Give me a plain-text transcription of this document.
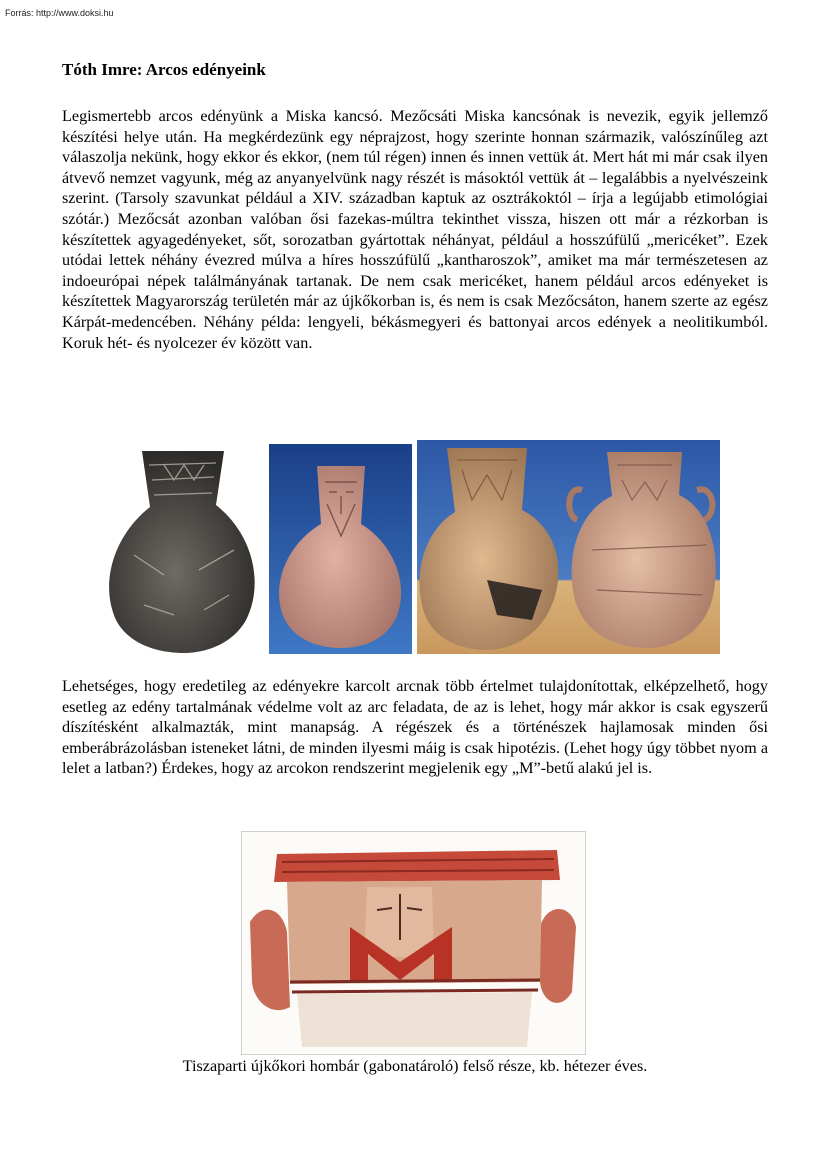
Forrás: http://www.doksi.hu
Tóth Imre: Arcos edényeink

Legismertebb arcos edényünk a Miska kancsó. Mezőcsáti Miska kancsónak is nevezik, egyik jellemző készítési helye után. Ha megkérdezünk egy néprajzost, hogy szerinte honnan származik, valószínűleg azt válaszolja nekünk, hogy ekkor és ekkor, (nem túl régen) innen és innen vettük át. Mert hát mi már csak ilyen átvevő nemzet vagyunk, még az anyanyelvünk nagy részét is másoktól vettük át – legalábbis a nyelvészeink szerint. (Tarsoly szavunkat például a XIV. században kaptuk az osztrákoktól – írja a legújabb etimológiai szótár.) Mezőcsát azonban valóban ősi fazekas-múltra tekinthet vissza, hiszen ott már a rézkorban is készítettek agyagedényeket, sőt, sorozatban gyártottak néhányat, például a hosszúfülű „mericéket”. Ezek utódai lettek néhány évezred múlva a híres hosszúfülű „kantharoszok”, amiket ma már természetesen az indoeurópai népek találmányának tartanak. De nem csak mericéket, hanem például arcos edényeket is készítettek Magyarország területén már az újkőkorban is, és nem is csak Mezőcsáton, hanem szerte az egész Kárpát-medencében. Néhány példa: lengyeli, békásmegyeri és battonyai arcos edények a neolitikumból. Koruk hét- és nyolcezer év között van.

Lehetséges, hogy eredetileg az edényekre karcolt arcnak több értelmet tulajdonítottak, elképzelhető, hogy esetleg az edény tartalmának védelme volt az arc feladata, de az is lehet, hogy már akkor is csak egyszerű díszítésként alkalmazták, mint manapság. A régészek és a történészek hajlamosak minden ősi emberábrázolásban isteneket látni, de minden ilyesmi máig is csak hipotézis. (Lehet hogy úgy többet nyom a lelet a latban?) Érdekes, hogy az arcokon rendszerint megjelenik egy „M”-betű alakú jel is.

Tiszaparti újkőkori hombár (gabonatároló) felső része, kb. hétezer éves.
